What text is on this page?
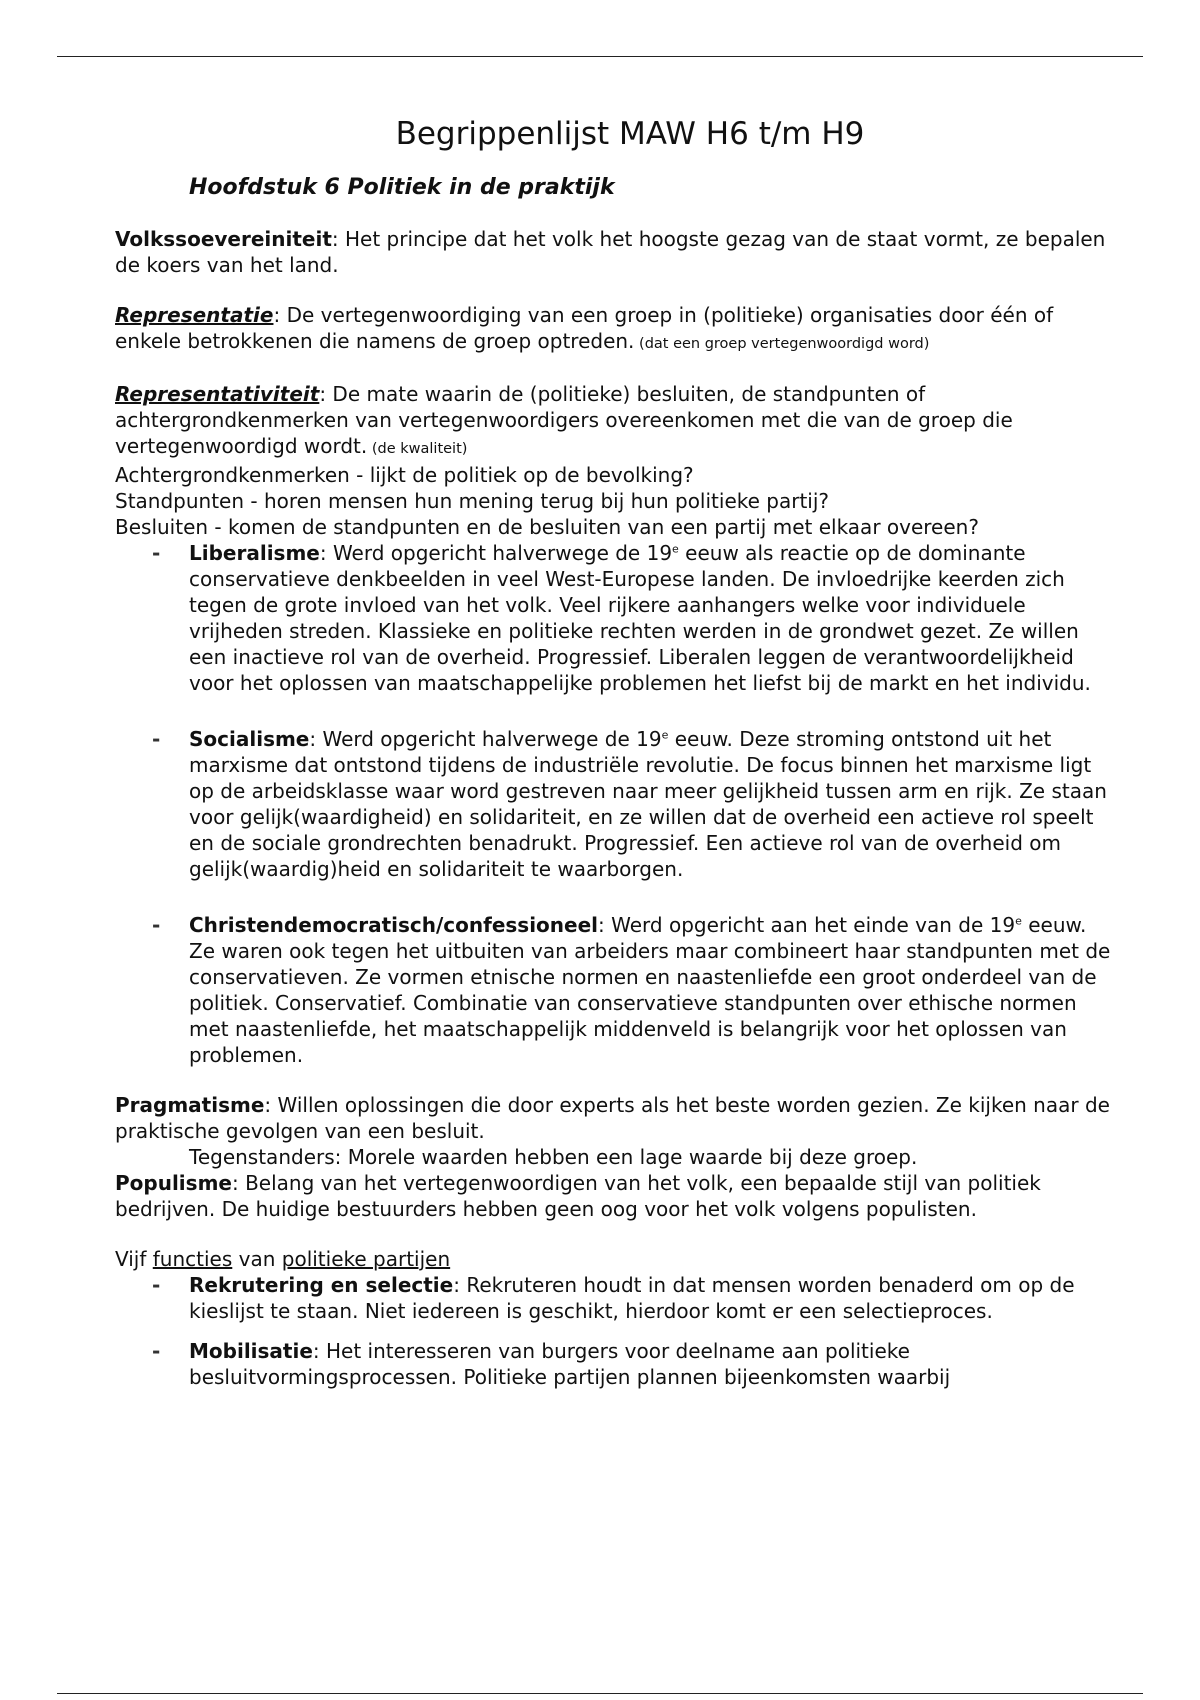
Begrippenlijst MAW H6 t/m H9
Hoofdstuk 6 Politiek in de praktijk

Volkssoevereiniteit: Het principe dat het volk het hoogste gezag van de staat vormt, ze bepalen de koers van het land.

Representatie: De vertegenwoordiging van een groep in (politieke) organisaties door één of enkele betrokkenen die namens de groep optreden. (dat een groep vertegenwoordigd word)

Representativiteit: De mate waarin de (politieke) besluiten, de standpunten of achtergrondkenmerken van vertegenwoordigers overeenkomen met die van de groep die vertegenwoordigd wordt. (de kwaliteit)

Achtergrondkenmerken - lijkt de politiek op de bevolking?

Standpunten - horen mensen hun mening terug bij hun politieke partij?

Besluiten - komen de standpunten en de besluiten van een partij met elkaar overeen?

- Liberalisme: Werd opgericht halverwege de 19e eeuw als reactie op de dominante conservatieve denkbeelden in veel West-Europese landen. De invloedrijke keerden zich tegen de grote invloed van het volk. Veel rijkere aanhangers welke voor individuele vrijheden streden. Klassieke en politieke rechten werden in de grondwet gezet. Ze willen een inactieve rol van de overheid. Progressief. Liberalen leggen de verantwoordelijkheid voor het oplossen van maatschappelijke problemen het liefst bij de markt en het individu.
- Socialisme: Werd opgericht halverwege de 19e eeuw. Deze stroming ontstond uit het marxisme dat ontstond tijdens de industriële revolutie. De focus binnen het marxisme ligt op de arbeidsklasse waar word gestreven naar meer gelijkheid tussen arm en rijk. Ze staan voor gelijk(waardigheid) en solidariteit, en ze willen dat de overheid een actieve rol speelt en de sociale grondrechten benadrukt. Progressief. Een actieve rol van de overheid om gelijk(waardig)heid en solidariteit te waarborgen.
- Christendemocratisch/confessioneel: Werd opgericht aan het einde van de 19e eeuw. Ze waren ook tegen het uitbuiten van arbeiders maar combineert haar standpunten met de conservatieven. Ze vormen etnische normen en naastenliefde een groot onderdeel van de politiek. Conservatief. Combinatie van conservatieve standpunten over ethische normen met naastenliefde, het maatschappelijk middenveld is belangrijk voor het oplossen van problemen.

Pragmatisme: Willen oplossingen die door experts als het beste worden gezien. Ze kijken naar de praktische gevolgen van een besluit.

Tegenstanders: Morele waarden hebben een lage waarde bij deze groep.

Populisme: Belang van het vertegenwoordigen van het volk, een bepaalde stijl van politiek bedrijven. De huidige bestuurders hebben geen oog voor het volk volgens populisten.

Vijf functies van politieke partijen

- Rekrutering en selectie: Rekruteren houdt in dat mensen worden benaderd om op de kieslijst te staan. Niet iedereen is geschikt, hierdoor komt er een selectieproces.
- Mobilisatie: Het interesseren van burgers voor deelname aan politieke besluitvormingsprocessen. Politieke partijen plannen bijeenkomsten waarbij
